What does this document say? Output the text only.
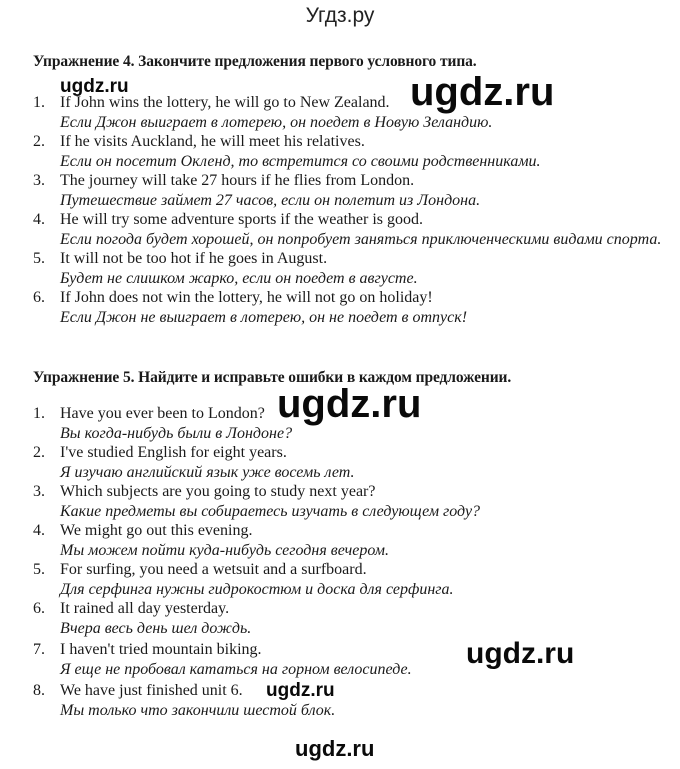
Угдз.ру
Упражнение 4. Закончите предложения первого условного типа.
1. If John wins the lottery, he will go to New Zealand.
Если Джон выиграет в лотерею, он поедет в Новую Зеландию.
2. If he visits Auckland, he will meet his relatives.
Если он посетит Окленд, то встретится со своими родственниками.
3. The journey will take 27 hours if he flies from London.
Путешествие займет 27 часов, если он полетит из Лондона.
4. He will try some adventure sports if the weather is good.
Если погода будет хорошей, он попробует заняться приключенческими видами спорта.
5. It will not be too hot if he goes in August.
Будет не слишком жарко, если он поедет в августе.
6. If John does not win the lottery, he will not go on holiday!
Если Джон не выиграет в лотерею, он не поедет в отпуск!
Упражнение 5. Найдите и исправьте ошибки в каждом предложении.
1. Have you ever been to London?
Вы когда-нибудь были в Лондоне?
2. I've studied English for eight years.
Я изучаю английский язык уже восемь лет.
3. Which subjects are you going to study next year?
Какие предметы вы собираетесь изучать в следующем году?
4. We might go out this evening.
Мы можем пойти куда-нибудь сегодня вечером.
5. For surfing, you need a wetsuit and a surfboard.
Для серфинга нужны гидрокостюм и доска для серфинга.
6. It rained all day yesterday.
Вчера весь день шел дождь.
7. I haven't tried mountain biking.
Я еще не пробовал кататься на горном велосипеде.
8. We have just finished unit 6.
Мы только что закончили шестой блок.
ugdz.ru	ugdz.ru
ugdz.ru
ugdz.ru
ugdz.ru
ugdz.ru
